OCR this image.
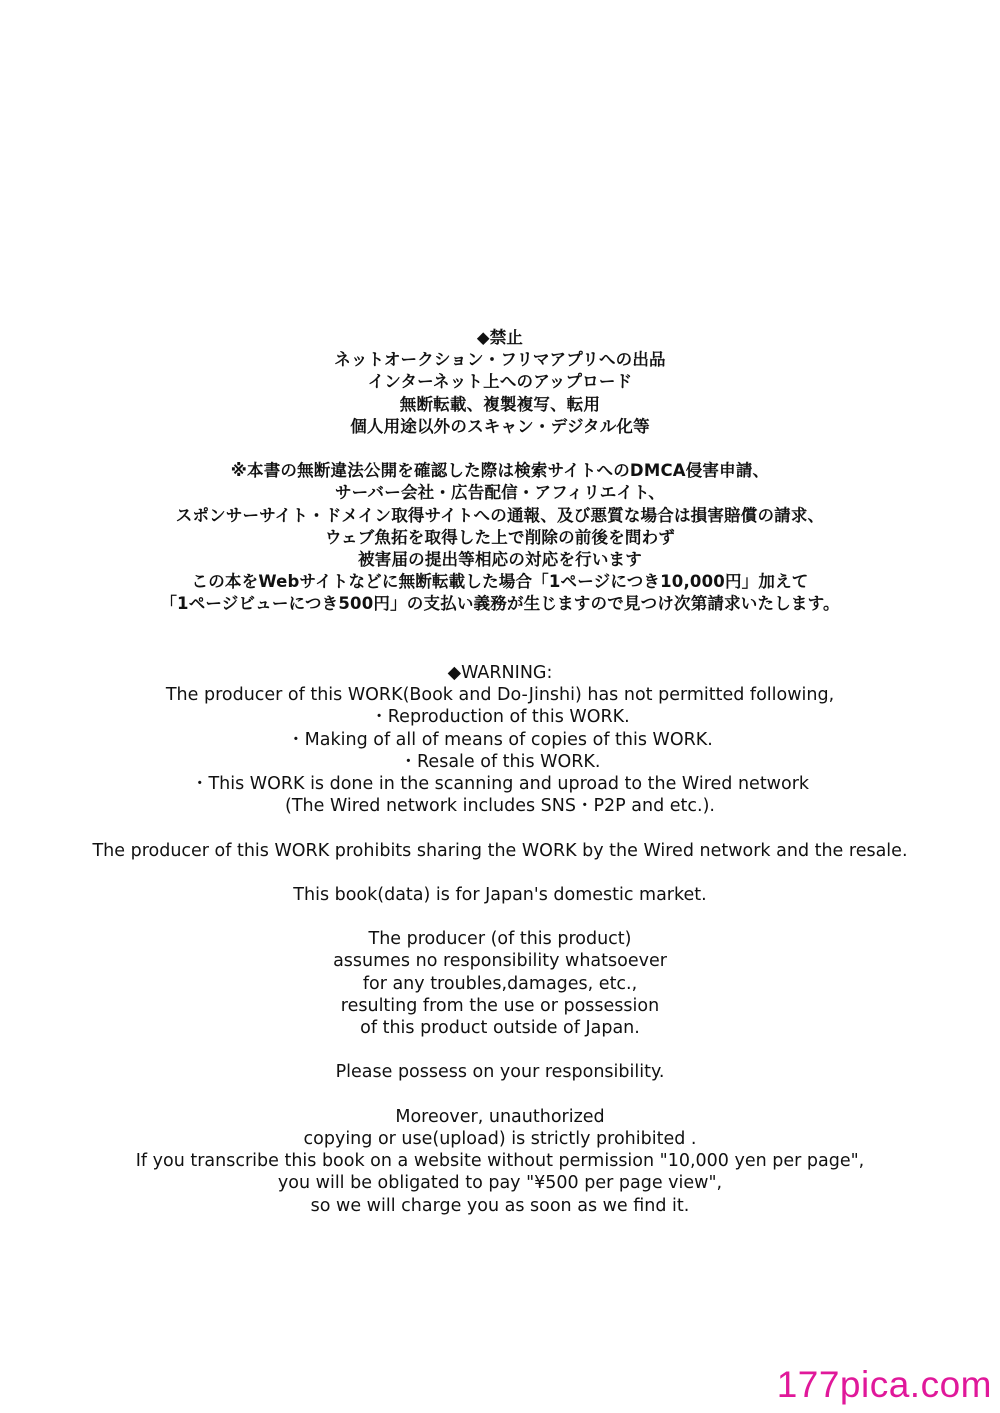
◆禁止
ネットオークション・フリマアプリへの出品
インターネット上へのアップロード
無断転載、複製複写、転用
個人用途以外のスキャン・デジタル化等
※本書の無断違法公開を確認した際は検索サイトへのDMCA侵害申請、
サーバー会社・広告配信・アフィリエイト、
スポンサーサイト・ドメイン取得サイトへの通報、及び悪質な場合は損害賠償の請求、
ウェブ魚拓を取得した上で削除の前後を問わず
被害届の提出等相応の対応を行います
この本をWebサイトなどに無断転載した場合「1ページにつき10,000円」加えて
「1ページビューにつき500円」の支払い義務が生じますので見つけ次第請求いたします。
◆WARNING:
The producer of this WORK(Book and Do-Jinshi) has not permitted following,
・Reproduction of this WORK.
・Making of all of means of copies of this WORK.
・Resale of this WORK.
・This WORK is done in the scanning and uproad to the Wired network
(The Wired network includes SNS・P2P and etc.).
The producer of this WORK prohibits sharing the WORK by the Wired network and the resale.
This book(data) is for Japan's domestic market.
The producer (of this product)
assumes no responsibility whatsoever
for any troubles,damages, etc.,
resulting from the use or possession
of this product outside of Japan.
Please possess on your responsibility.
Moreover, unauthorized
copying or use(upload) is strictly prohibited .
If you transcribe this book on a website without permission "10,000 yen per page",
you will be obligated to pay "¥500 per page view",
so we will charge you as soon as we find it.
177pica.com
